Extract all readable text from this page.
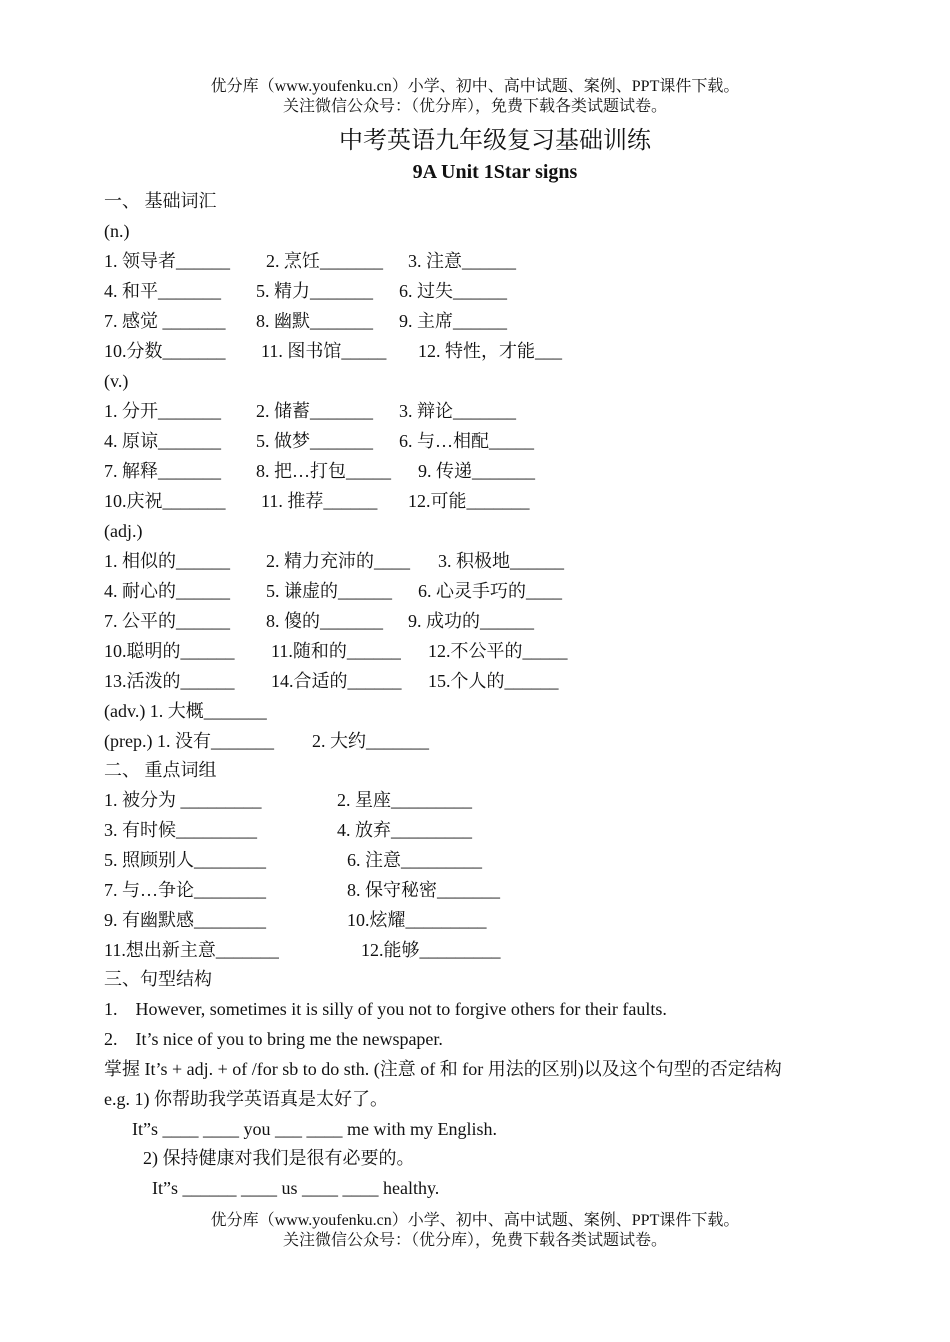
优分库（www.youfenku.cn）小学、初中、高中试题、案例、PPT课件下载。
关注微信公众号：（优分库），免费下载各类试题试卷。
中考英语九年级复习基础训练
9A Unit 1Star signs
一、 基础词汇
(n.)
1. 领导者______ 2. 烹饪_______ 3. 注意______
4. 和平_______ 5. 精力_______ 6. 过失______
7. 感觉 _______ 8. 幽默_______ 9. 主席______
10.分数_______ 11. 图书馆_____ 12. 特性，才能___
(v.)
1. 分开_______ 2. 储蓄_______ 3. 辩论_______
4. 原谅_______ 5. 做梦_______ 6. 与…相配_____
7. 解释_______ 8. 把…打包_____ 9. 传递_______
10.庆祝_______ 11. 推荐______ 12.可能_______
(adj.)
1. 相似的______ 2. 精力充沛的____ 3. 积极地______
4. 耐心的______ 5. 谦虚的______ 6. 心灵手巧的____
7. 公平的______ 8. 傻的_______ 9. 成功的______
10.聪明的______ 11.随和的______ 12.不公平的_____
13.活泼的______ 14.合适的______ 15.个人的______
(adv.) 1. 大概_______
(prep.) 1. 没有_______ 2. 大约_______
二、 重点词组
1. 被分为 _________	2. 星座_________
3. 有时候_________	4. 放弃_________
5. 照顾别人________	6. 注意_________
7. 与…争论________	8. 保守秘密_______
9. 有幽默感________	10.炫耀_________
11.想出新主意_______	12.能够_________
三、句型结构
1.    However, sometimes it is silly of you not to forgive others for their faults.
2.    It’s nice of you to bring me the newspaper.
掌握 It’s + adj. + of /for sb to do sth. (注意 of 和 for 用法的区别)以及这个句型的否定结构
e.g. 1) 你帮助我学英语真是太好了。
It”s ____ ____ you ___ ____ me with my English.
2) 保持健康对我们是很有必要的。
It”s ______ ____ us ____ ____ healthy.
优分库（www.youfenku.cn）小学、初中、高中试题、案例、PPT课件下载。
关注微信公众号：（优分库），免费下载各类试题试卷。
